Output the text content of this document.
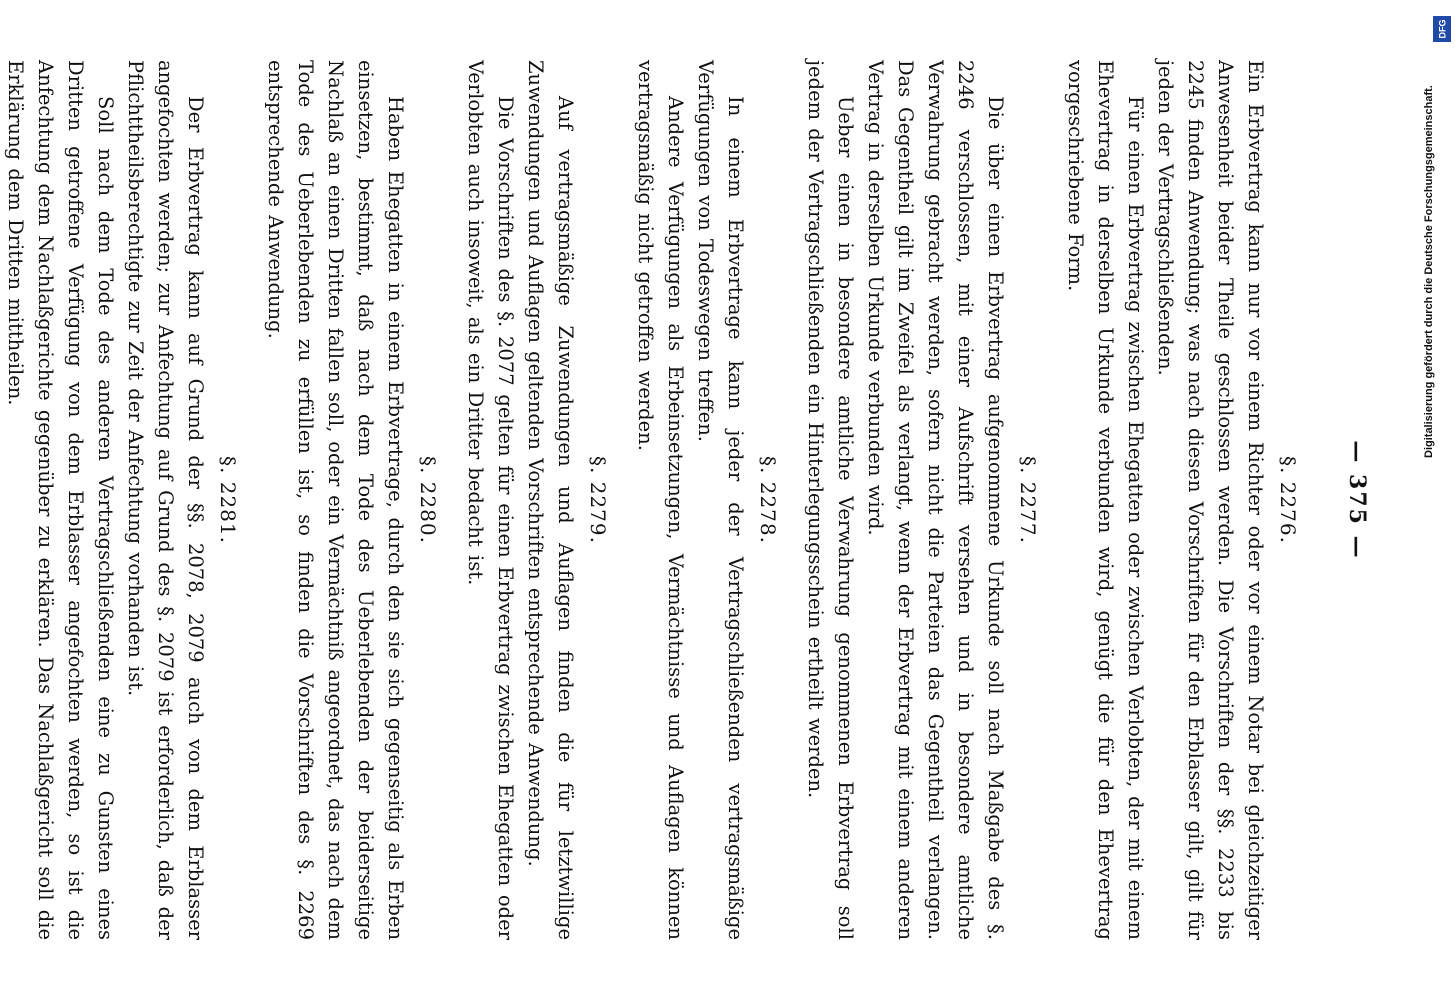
— 375 —
§. 2276.

Ein Erbvertrag kann nur vor einem Richter oder vor einem Notar bei gleichzeitiger Anwesenheit beider Theile geschlossen werden. Die Vorschriften der §§. 2233 bis 2245 finden Anwendung; was nach diesen Vorschriften für den Erblasser gilt, gilt für jeden der Vertragschließenden.

Für einen Erbvertrag zwischen Ehegatten oder zwischen Verlobten, der mit einem Ehevertrag in derselben Urkunde verbunden wird, genügt die für den Ehevertrag vorgeschriebene Form.

§. 2277.

Die über einen Erbvertrag aufgenommene Urkunde soll nach Maßgabe des §. 2246 verschlossen, mit einer Aufschrift versehen und in besondere amtliche Verwahrung gebracht werden, sofern nicht die Parteien das Gegentheil verlangen. Das Gegentheil gilt im Zweifel als verlangt, wenn der Erbvertrag mit einem anderen Vertrag in derselben Urkunde verbunden wird.

Ueber einen in besondere amtliche Verwahrung genommenen Erbvertrag soll jedem der Vertragschließenden ein Hinterlegungsschein ertheilt werden.

§. 2278.

In einem Erbvertrage kann jeder der Vertragschließenden vertragsmäßige Verfügungen von Todeswegen treffen.

Andere Verfügungen als Erbeinsetzungen, Vermächtnisse und Auflagen können vertragsmäßig nicht getroffen werden.

§. 2279.

Auf vertragsmäßige Zuwendungen und Auflagen finden die für letztwillige Zuwendungen und Auflagen geltenden Vorschriften entsprechende Anwendung.

Die Vorschriften des §. 2077 gelten für einen Erbvertrag zwischen Ehegatten oder Verlobten auch insoweit, als ein Dritter bedacht ist.

§. 2280.

Haben Ehegatten in einem Erbvertrage, durch den sie sich gegenseitig als Erben einsetzen, bestimmt, daß nach dem Tode des Ueberlebenden der beiderseitige Nachlaß an einen Dritten fallen soll, oder ein Vermächtniß angeordnet, das nach dem Tode des Ueberlebenden zu erfüllen ist, so finden die Vorschriften des §. 2269 entsprechende Anwendung.

§. 2281.

Der Erbvertrag kann auf Grund der §§. 2078, 2079 auch von dem Erblasser angefochten werden; zur Anfechtung auf Grund des §. 2079 ist erforderlich, daß der Pflichttheilsberechtigte zur Zeit der Anfechtung vorhanden ist.

Soll nach dem Tode des anderen Vertragschließenden eine zu Gunsten eines Dritten getroffene Verfügung von dem Erblasser angefochten werden, so ist die Anfechtung dem Nachlaßgerichte gegenüber zu erklären. Das Nachlaßgericht soll die Erklärung dem Dritten mittheilen.	Digitalisierung gefördert durch die Deutsche Forschungsgemeinschaft.
DFG
